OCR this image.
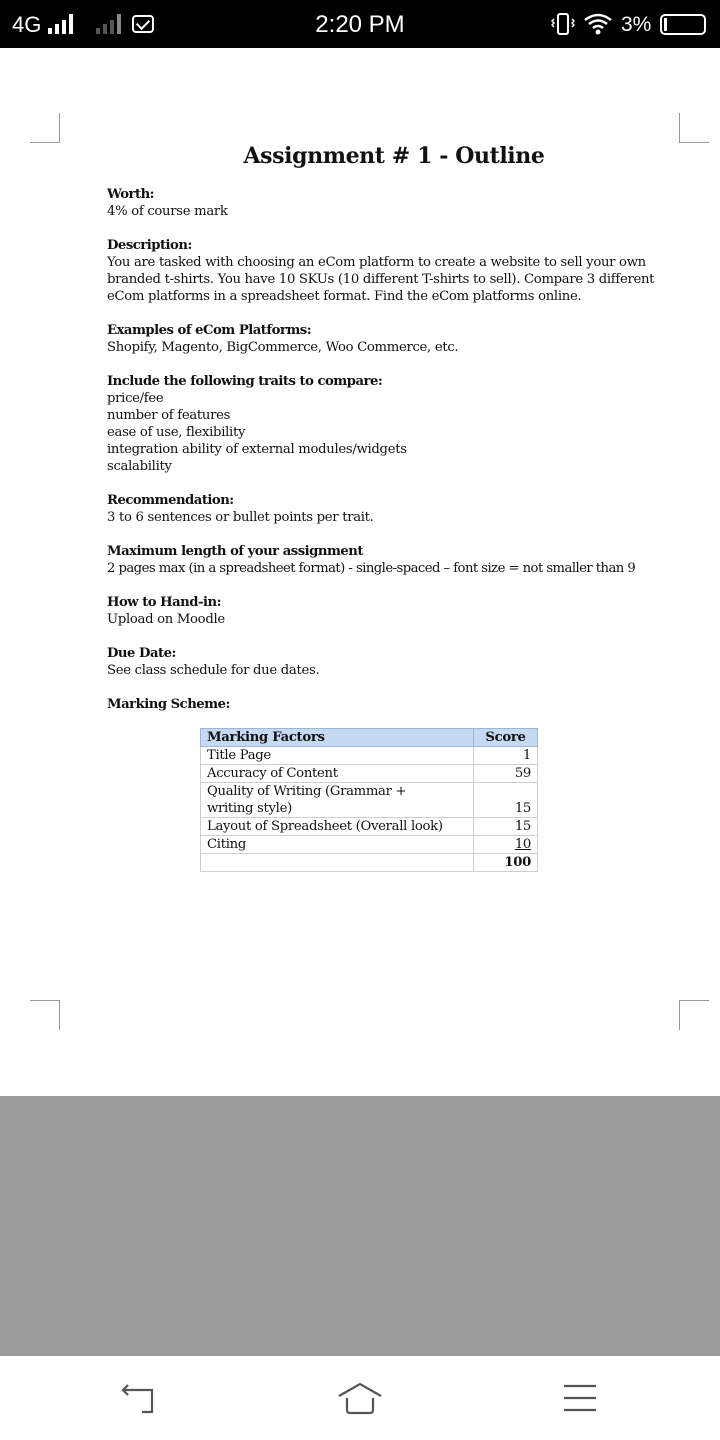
4G	2:20 PM	3%
Assignment # 1 - Outline
Worth:
4% of course mark
Description:
You are tasked with choosing an eCom platform to create a website to sell your own branded t-shirts. You have 10 SKUs (10 different T-shirts to sell). Compare 3 different eCom platforms in a spreadsheet format. Find the eCom platforms online.
Examples of eCom Platforms:
Shopify, Magento, BigCommerce, Woo Commerce, etc.
Include the following traits to compare:
price/fee
number of features
ease of use, flexibility
integration ability of external modules/widgets
scalability
Recommendation:
3 to 6 sentences or bullet points per trait.
Maximum length of your assignment
2 pages max (in a spreadsheet format) - single-spaced – font size = not smaller than 9
How to Hand-in:
Upload on Moodle
Due Date:
See class schedule for due dates.
Marking Scheme:
Marking Factors	Score
Title Page	1
Accuracy of Content	59

Quality of Writing (Grammar +
writing style)	15
Layout of Spreadsheet (Overall look)	15
Citing	10
	100
